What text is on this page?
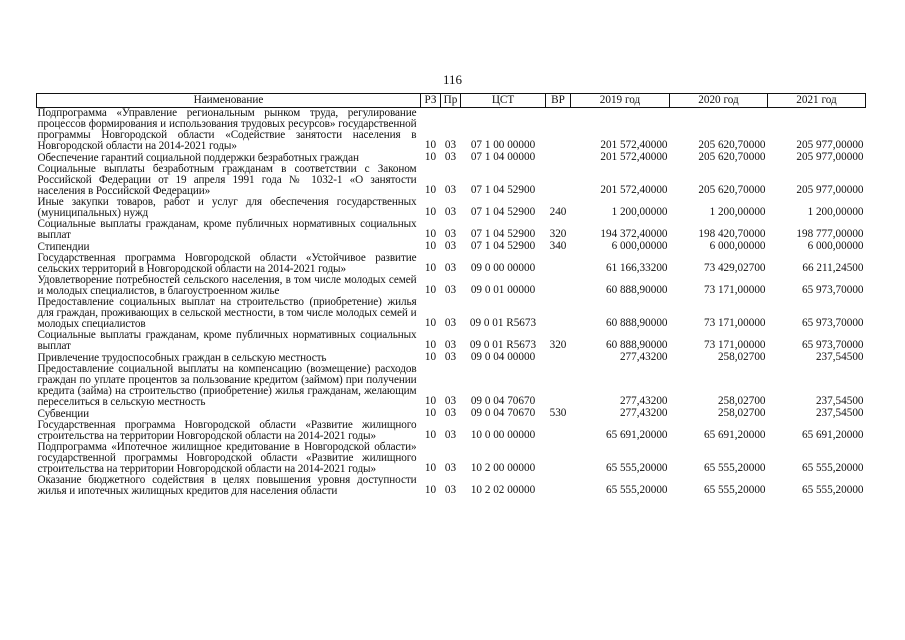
116
Наименование	РЗ	Пр	ЦСТ	ВР	2019 год	2020 год	2021 год
Подпрограмма «Управление региональным рынком труда, регулирование процессов формирования и использования трудовых ресурсов» государственной программы Новгородской области «Содействие занятости населения в Новгородской области на 2014-2021 годы»	10	03	07 1 00 00000		201 572,40000	205 620,70000	205 977,00000
Обеспечение гарантий социальной поддержки безработных граждан	10	03	07 1 04 00000		201 572,40000	205 620,70000	205 977,00000
Социальные выплаты безработным гражданам в соответствии с Законом Российской Федерации от 19 апреля 1991 года № 1032-1 «О занятости населения в Российской Федерации»	10	03	07 1 04 52900		201 572,40000	205 620,70000	205 977,00000
Иные закупки товаров, работ и услуг для обеспечения государственных (муниципальных) нужд	10	03	07 1 04 52900	240	1 200,00000	1 200,00000	1 200,00000
Социальные выплаты гражданам, кроме публичных нормативных социальных выплат	10	03	07 1 04 52900	320	194 372,40000	198 420,70000	198 777,00000
Стипендии	10	03	07 1 04 52900	340	6 000,00000	6 000,00000	6 000,00000
Государственная программа Новгородской области «Устойчивое развитие сельских территорий в Новгородской области на 2014-2021 годы»	10	03	09 0 00 00000		61 166,33200	73 429,02700	66 211,24500
Удовлетворение потребностей сельского населения, в том числе молодых семей и молодых специалистов, в благоустроенном жилье	10	03	09 0 01 00000		60 888,90000	73 171,00000	65 973,70000
Предоставление социальных выплат на строительство (приобретение) жилья для граждан, проживающих в сельской местности, в том числе молодых семей и молодых специалистов	10	03	09 0 01 R5673		60 888,90000	73 171,00000	65 973,70000
Социальные выплаты гражданам, кроме публичных нормативных социальных выплат	10	03	09 0 01 R5673	320	60 888,90000	73 171,00000	65 973,70000
Привлечение трудоспособных граждан в сельскую местность	10	03	09 0 04 00000		277,43200	258,02700	237,54500
Предоставление социальной выплаты на компенсацию (возмещение) расходов граждан по уплате процентов за пользование кредитом (займом) при получении кредита (займа) на строительство (приобретение) жилья гражданам, желающим переселиться в сельскую местность	10	03	09 0 04 70670		277,43200	258,02700	237,54500
Субвенции	10	03	09 0 04 70670	530	277,43200	258,02700	237,54500
Государственная программа Новгородской области «Развитие жилищного строительства на территории Новгородской области на 2014-2021 годы»	10	03	10 0 00 00000		65 691,20000	65 691,20000	65 691,20000
Подпрограмма «Ипотечное жилищное кредитование в Новгородской области» государственной программы Новгородской области «Развитие жилищного строительства на территории Новгородской области на 2014-2021 годы»	10	03	10 2 00 00000		65 555,20000	65 555,20000	65 555,20000
Оказание бюджетного содействия в целях повышения уровня доступности жилья и ипотечных жилищных кредитов для населения области	10	03	10 2 02 00000		65 555,20000	65 555,20000	65 555,20000
